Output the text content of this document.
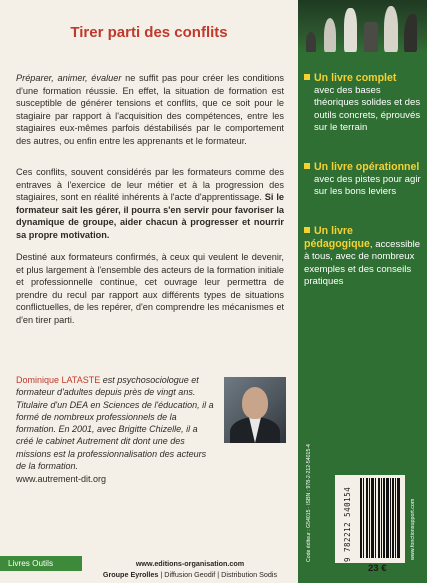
Tirer parti des conflits

Préparer, animer, évaluer ne suffit pas pour créer les conditions d'une formation réussie. En effet, la situation de formation est susceptible de générer tensions et conflits, que ce soit pour le stagiaire par rapport à l'acquisition des compétences, entre les stagiaires eux-mêmes parfois déstabilisés par le comportement des autres, ou enfin entre les apprenants et le formateur.

Ces conflits, souvent considérés par les formateurs comme des entraves à l'exercice de leur métier et à la progression des stagiaires, sont en réalité inhérents à l'acte d'apprentissage. Si le formateur sait les gérer, il pourra s'en servir pour favoriser la dynamique de groupe, aider chacun à progresser et nourrir sa propre motivation.

Destiné aux formateurs confirmés, à ceux qui veulent le devenir, et plus largement à l'ensemble des acteurs de la formation initiale et professionnelle continue, cet ouvrage leur permettra de prendre du recul par rapport aux différents types de situations conflictuelles, de les repérer, d'en comprendre les mécanismes et d'en tirer parti.

Dominique LATASTE est psychosociologue et formateur d'adultes depuis près de vingt ans. Titulaire d'un DEA en Sciences de l'éducation, il a formé de nombreux professionnels de la formation. En 2001, avec Brigitte Chizelle, il a créé le cabinet Autrement dit dont une des missions est la professionnalisation des acteurs de la formation.
www.autrement-dit.org
Livres Outils	www.editions-organisation.com
Groupe Eyrolles | Diffusion Geodif | Distribution Sodis
Un livre complet
avec des bases théoriques solides et des outils concrets, éprouvés sur le terrain
Un livre opérationnel
avec des pistes pour agir sur les bons leviers
Un livre pédagogique, accessible à tous, avec de nombreux exemples et des conseils pratiques
9 782212 540154
Code éditeur : G54015 · ISBN : 978-2-212-54015-4	www.fonctionsupport.com
23 €
